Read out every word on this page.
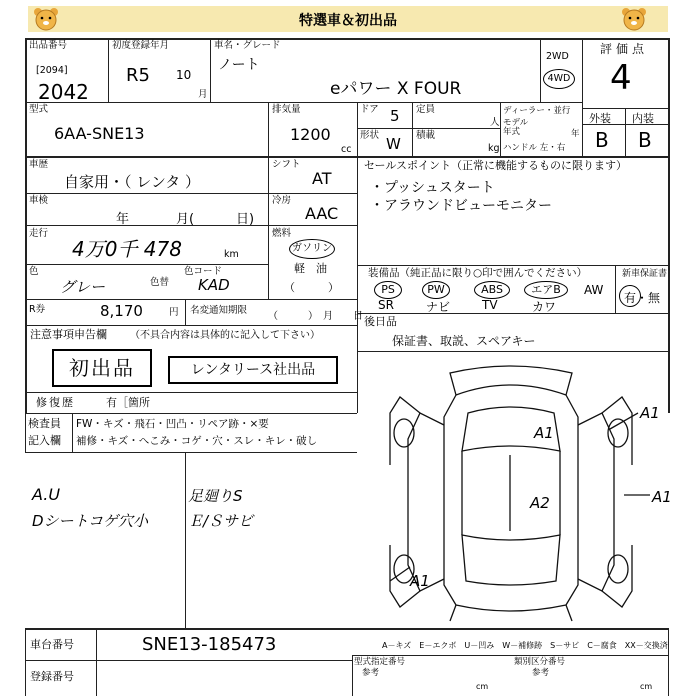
特選車＆初出品
出品番号
[2094]
2042
初度登録年月
R5 10
月
車名・グレード
ノート
eパワー X FOUR
2WD
4WD
評価点
4
外装 内装
B B
型式
6AA-SNE13
排気量
1200
cc
ドア 5
形状 W
定員
人
積載
kg
ディーラー・並行
モデル
年式	年
ハンドル 左・右
車歴
自家用・（ レンタ ）
シフト
AT
車検
年	月(	日)
冷房
AAC
走行
4万0千 478	km
燃料
ガソリン
軽　油
（　　　）
色
グレー	色替
色コード
KAD
R券	8,170	円 名変通知期限
（　　　）　月　　日
セールスポイント（正常に機能するものに限ります）
・プッシュスタート
・アラウンドビューモニター
装備品（純正品に限り○印で囲んでください）
PS	PW	ABS	エアB	AW
SR	ナビ	TV	カワ
新車保証書
有・無
後日品
保証書、取説、スペアキー
注意事項申告欄 （不具合内容は具体的に記入して下さい）
初出品	レンタリース社出品
修復歴	有［箇所
検査員
記入欄
FW・キズ・飛石・凹凸・リペア跡・×要
補修・キズ・へこみ・コゲ・穴・スレ・キレ・破し
A.U
Dシートコゲ穴小
足廻りS
Ｅ/Ｓサビ
A1
A1
A2	A1
A1
車台番号	SNE13-185473
登録番号
A－キズ　E－エクボ　U－凹み　W－補修跡　S－サビ　C－腐食　XX－交換済
型式指定番号
参考
類別区分番号
参考
cm	cm
